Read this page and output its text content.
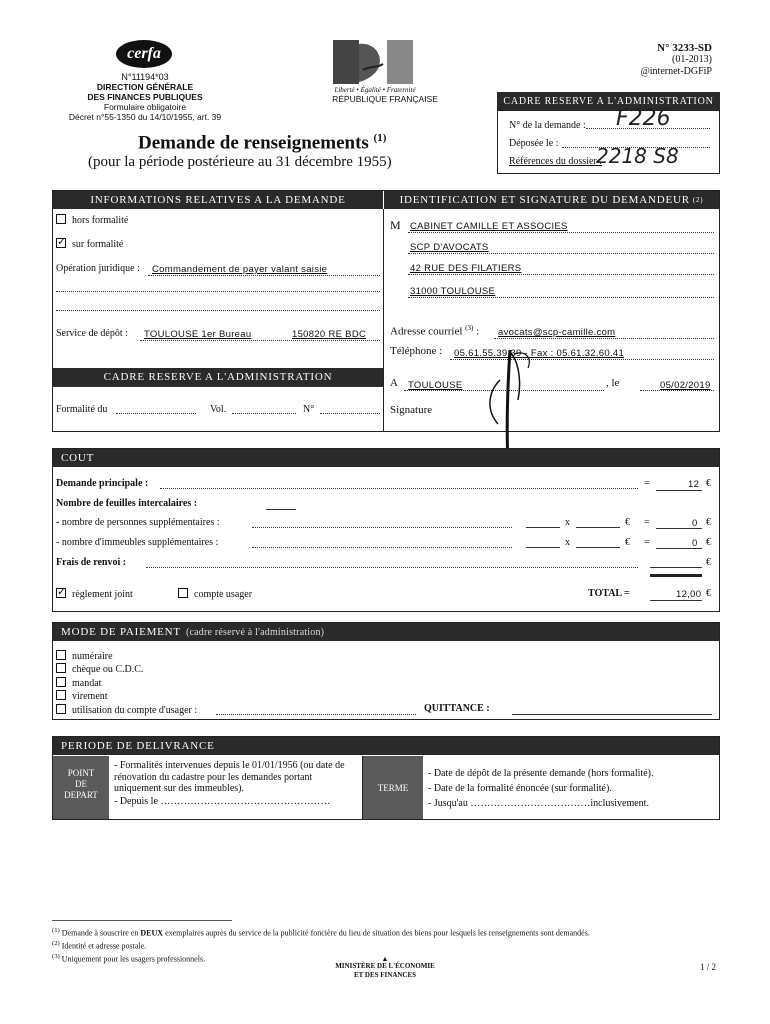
cerfa
N°11194*03
DIRECTION GÉNÉRALE
DES FINANCES PUBLIQUES
Formulaire obligatoire
Décret n°55-1350 du 14/10/1955, art. 39
Liberté • Égalité • Fraternité
RÉPUBLIQUE FRANÇAISE
N° 3233-SD
(01-2013)
@internet-DGFiP
CADRE RESERVE A L'ADMINISTRATION
N° de la demande : F226
Déposée le :
Références du dossier :
2218 S8
Demande de renseignements $^{(1)}$
(pour la période postérieure au 31 décembre 1955)
INFORMATIONS RELATIVES A LA DEMANDE	IDENTIFICATION ET SIGNATURE DU DEMANDEUR (2)
hors formalité
✓sur formalité
Opération juridique : Commandement de payer valant saisie
Service de dépôt : TOULOUSE 1er Bureau	150820 RE BDC
CADRE RESERVE A L'ADMINISTRATION
Formalité du	Vol.	N°
M CABINET CAMILLE ET ASSOCIES
SCP D'AVOCATS
42 RUE DES FILATIERS
31000 TOULOUSE
Adresse courriel $^{(3)}$ : avocats@scp-camille.com
Téléphone : 05.61.55.39.39 - Fax : 05.61.32.60.41
A TOULOUSE	, le	05/02/2019
Signature
COUT
Demande principale :	=	12 €
Nombre de feuilles intercalaires :
- nombre de personnes supplémentaires :	x	€ =	0 €
- nombre d'immeubles supplémentaires :	x	€ =	0 €
Frais de renvoi :	€
✓règlement joint	compte usager	TOTAL =	12,00 €
MODE DE PAIEMENT (cadre réservé à l'administration)
numéraire
chèque ou C.D.C.
mandat
virement
utilisation du compte d'usager :	QUITTANCE :
PERIODE DE DELIVRANCE
POINT
DE
DEPART
- Formalités intervenues depuis le 01/01/1956 (ou date de rénovation du cadastre pour les demandes portant uniquement sur des immeubles).
- Depuis le ……………………………………………
TERME
- Date de dépôt de la présente demande (hors formalité).
- Date de la formalité énoncée (sur formalité).
- Jusqu'au ………………………………inclusivement.
$^{(1)}$ Demande à souscrire en DEUX exemplaires auprès du service de la publicité foncière du lieu de situation des biens pour lesquels les renseignements sont demandés.
$^{(2)}$ Identité et adresse postale.
$^{(3)}$ Uniquement pour les usagers professionnels.	▲
MINISTÈRE DE L'ÉCONOMIE
ET DES FINANCES
1 / 2
